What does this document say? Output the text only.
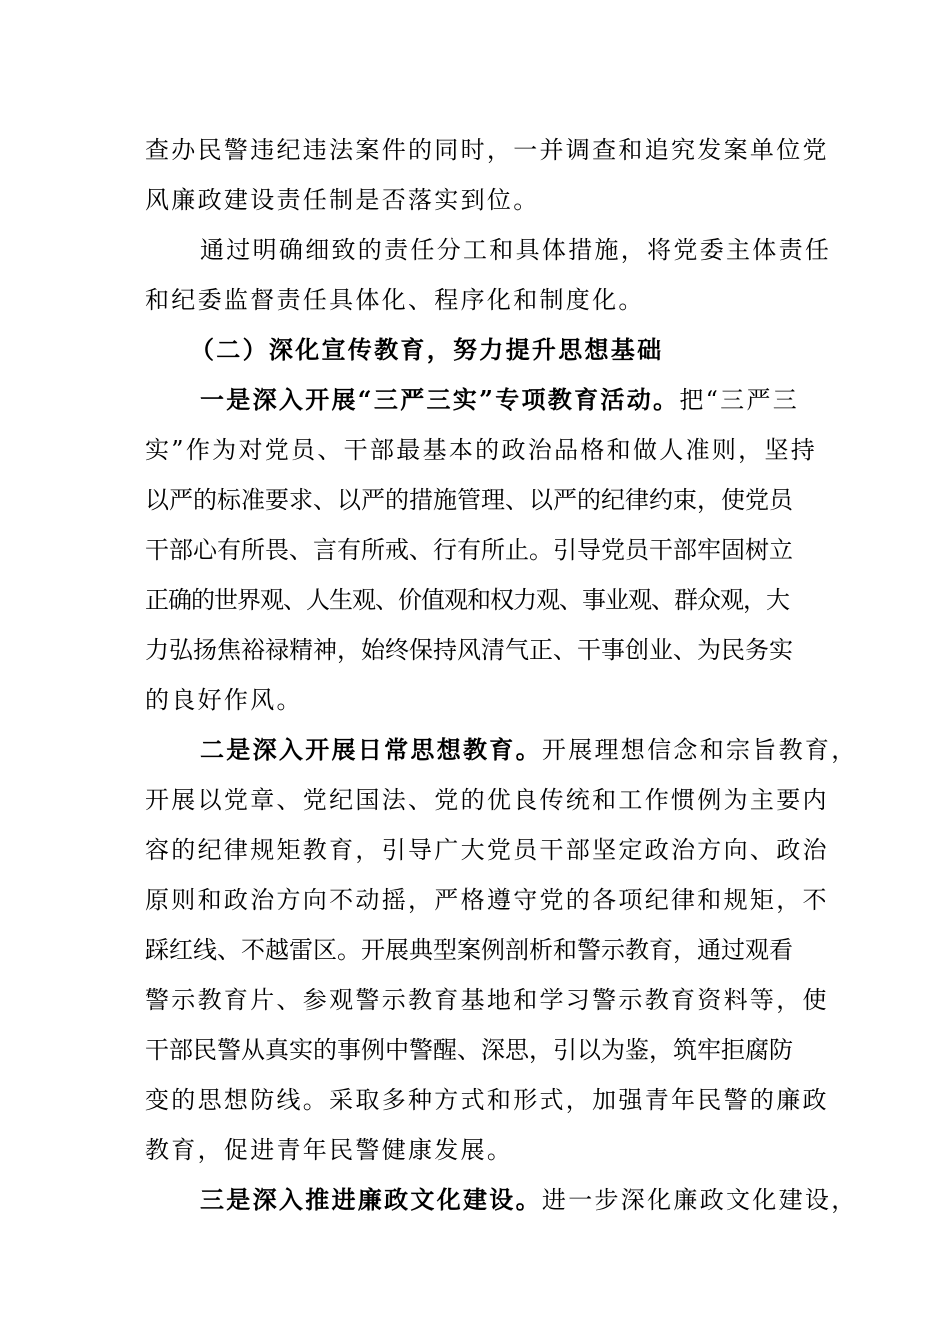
查办民警违纪违法案件的同时，一并调查和追究发案单位党
风廉政建设责任制是否落实到位。
通过明确细致的责任分工和具体措施，将党委主体责任
和纪委监督责任具体化、程序化和制度化。
（二）深化宣传教育，努力提升思想基础
一是深入开展“三严三实”专项教育活动。把“三严三
实”作为对党员、干部最基本的政治品格和做人准则，坚持
以严的标准要求、以严的措施管理、以严的纪律约束，使党员
干部心有所畏、言有所戒、行有所止。引导党员干部牢固树立
正确的世界观、人生观、价值观和权力观、事业观、群众观，大
力弘扬焦裕禄精神，始终保持风清气正、干事创业、为民务实
的良好作风。
二是深入开展日常思想教育。开展理想信念和宗旨教育，
开展以党章、党纪国法、党的优良传统和工作惯例为主要内
容的纪律规矩教育，引导广大党员干部坚定政治方向、政治
原则和政治方向不动摇，严格遵守党的各项纪律和规矩，不
踩红线、不越雷区。开展典型案例剖析和警示教育，通过观看
警示教育片、参观警示教育基地和学习警示教育资料等，使
干部民警从真实的事例中警醒、深思，引以为鉴，筑牢拒腐防
变的思想防线。采取多种方式和形式，加强青年民警的廉政
教育，促进青年民警健康发展。
三是深入推进廉政文化建设。进一步深化廉政文化建设，
